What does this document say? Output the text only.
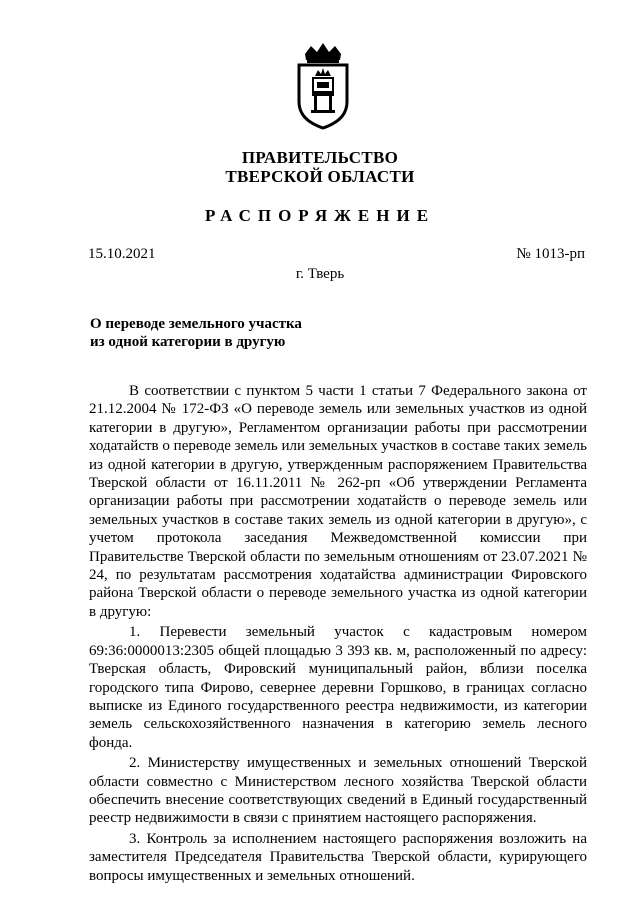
ПРАВИТЕЛЬСТВО
ТВЕРСКОЙ ОБЛАСТИ
РАСПОРЯЖЕНИЕ
15.10.2021	№ 1013-рп
г. Тверь
О переводе земельного участка
из одной категории в другую

В соответствии с пунктом 5 части 1 статьи 7 Федерального закона от 21.12.2004 № 172-ФЗ «О переводе земель или земельных участков из одной категории в другую», Регламентом организации работы при рассмотрении ходатайств о переводе земель или земельных участков в составе таких земель из одной категории в другую, утвержденным распоряжением Правительства Тверской области от 16.11.2011 № 262-рп «Об утверждении Регламента организации работы при рассмотрении ходатайств о переводе земель или земельных участков в составе таких земель из одной категории в другую», с учетом протокола заседания Межведомственной комиссии при Правительстве Тверской области по земельным отношениям от 23.07.2021 № 24, по результатам рассмотрения ходатайства администрации Фировского района Тверской области о переводе земельного участка из одной категории в другую:

1. Перевести земельный участок с кадастровым номером 69:36:0000013:2305 общей площадью 3 393 кв. м, расположенный по адресу: Тверская область, Фировский муниципальный район, вблизи поселка городского типа Фирово, севернее деревни Горшково, в границах согласно выписке из Единого государственного реестра недвижимости, из категории земель сельскохозяйственного назначения в категорию земель лесного фонда.

2. Министерству имущественных и земельных отношений Тверской области совместно с Министерством лесного хозяйства Тверской области обеспечить внесение соответствующих сведений в Единый государственный реестр недвижимости в связи с принятием настоящего распоряжения.

3. Контроль за исполнением настоящего распоряжения возложить на заместителя Председателя Правительства Тверской области, курирующего вопросы имущественных и земельных отношений.
